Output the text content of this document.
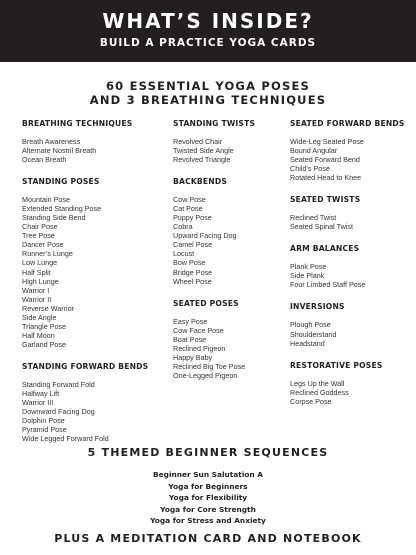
WHAT’S INSIDE?
BUILD A PRACTICE YOGA CARDS
60 ESSENTIAL YOGA POSES
AND 3 BREATHING TECHNIQUES
BREATHING TECHNIQUES
Breath Awareness
Alternate Nostril Breath
Ocean Breath
STANDING POSES
Mountain Pose
Extended Standing Pose
Standing Side Bend
Chair Pose
Tree Pose
Dancer Pose
Runner’s Lunge
Low Lunge
Half Split
High Lunge
Warrior I
Warrior II
Reverse Warrior
Side Angle
Triangle Pose
Half Moon
Garland Pose
STANDING FORWARD BENDS
Standing Forward Fold
Halfway Lift
Warrior III
Downward Facing Dog
Dolphin Pose
Pyramid Pose
Wide Legged Forward Fold
STANDING TWISTS
Revolved Chair
Twisted Side Angle
Revolved Triangle
BACKBENDS
Cow Pose
Cat Pose
Puppy Pose
Cobra
Upward Facing Dog
Camel Pose
Locust
Bow Pose
Bridge Pose
Wheel Pose
SEATED POSES
Easy Pose
Cow Face Pose
Boat Pose
Reclined Pigeon
Happy Baby
Reclined Big Toe Pose
One-Legged Pigeon
SEATED FORWARD BENDS
Wide-Leg Seated Pose
Bound Angular
Seated Forward Bend
Child’s Pose
Rotated Head to Knee
SEATED TWISTS
Reclined Twist
Seated Spinal Twist
ARM BALANCES
Plank Pose
Side Plank
Four Limbed Staff Pose
INVERSIONS
Plough Pose
Shoulderstand
Headstand
RESTORATIVE POSES
Legs Up the Wall
Reclined Goddess
Corpse Pose
5 THEMED BEGINNER SEQUENCES
Beginner Sun Salutation A
Yoga for Beginners
Yoga for Flexibility
Yoga for Core Strength
Yoga for Stress and Anxiety
PLUS A MEDITATION CARD AND NOTEBOOK
